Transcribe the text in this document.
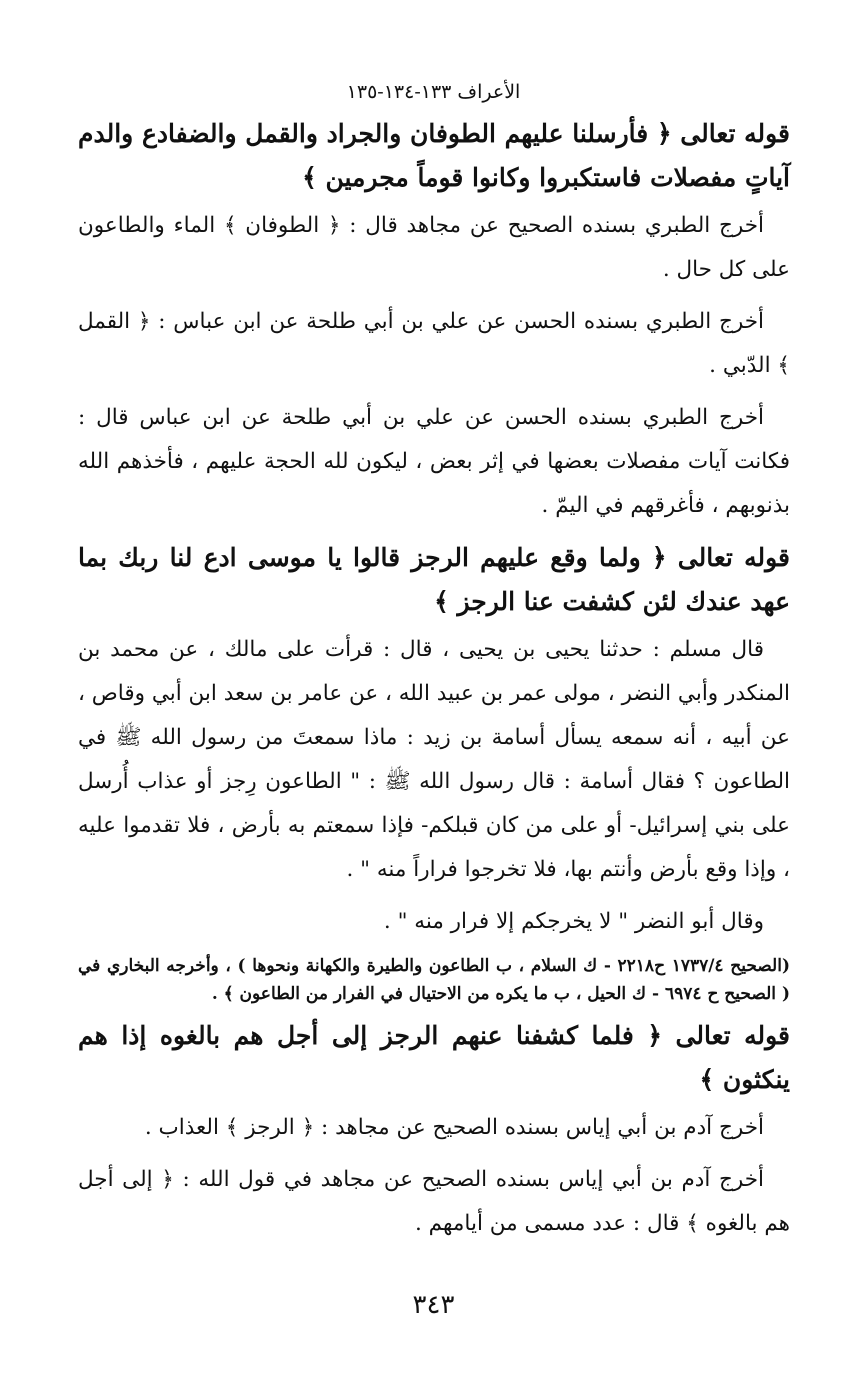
الأعراف ١٣٣-١٣٤-١٣٥

قوله تعالى ﴿ فأرسلنا عليهم الطوفان والجراد والقمل والضفادع والدم آياتٍ مفصلات فاستكبروا وكانوا قوماً مجرمين ﴾

أخرج الطبري بسنده الصحيح عن مجاهد قال : ﴿ الطوفان ﴾ الماء والطاعون على كل حال .

أخرج الطبري بسنده الحسن عن علي بن أبي طلحة عن ابن عباس : ﴿ القمل ﴾ الدّبي .

أخرج الطبري بسنده الحسن عن علي بن أبي طلحة عن ابن عباس قال : فكانت آيات مفصلات بعضها في إثر بعض ، ليكون لله الحجة عليهم ، فأخذهم الله بذنوبهم ، فأغرقهم في اليمّ .

قوله تعالى ﴿ ولما وقع عليهم الرجز قالوا يا موسى ادع لنا ربك بما عهد عندك لئن كشفت عنا الرجز ﴾

قال مسلم : حدثنا يحيى بن يحيى ، قال : قرأت على مالك ، عن محمد بن المنكدر وأبي النضر ، مولى عمر بن عبيد الله ، عن عامر بن سعد ابن أبي وقاص ، عن أبيه ، أنه سمعه يسأل أسامة بن زيد : ماذا سمعتَ من رسول الله ﷺ في الطاعون ؟ فقال أسامة : قال رسول الله ﷺ : " الطاعون رِجز أو عذاب أُرسل على بني إسرائيل- أو على من كان قبلكم- فإذا سمعتم به بأرض ، فلا تقدموا عليه ، وإذا وقع بأرض وأنتم بها، فلا تخرجوا فراراً منه " .

وقال أبو النضر " لا يخرجكم إلا فرار منه " .

(الصحيح ١٧٣٧/٤ ح٢٢١٨ - ك السلام ، ب الطاعون والطيرة والكهانة ونحوها ) ، وأخرجه البخاري في ( الصحيح ح ٦٩٧٤ - ك الحيل ، ب ما يكره من الاحتيال في الفرار من الطاعون ﴾ .

قوله تعالى ﴿ فلما كشفنا عنهم الرجز إلى أجل هم بالغوه إذا هم ينكثون ﴾

أخرج آدم بن أبي إياس بسنده الصحيح عن مجاهد : ﴿ الرجز ﴾ العذاب .

أخرج آدم بن أبي إياس بسنده الصحيح عن مجاهد في قول الله : ﴿ إلى أجل هم بالغوه ﴾ قال : عدد مسمى من أيامهم .

٣٤٣
